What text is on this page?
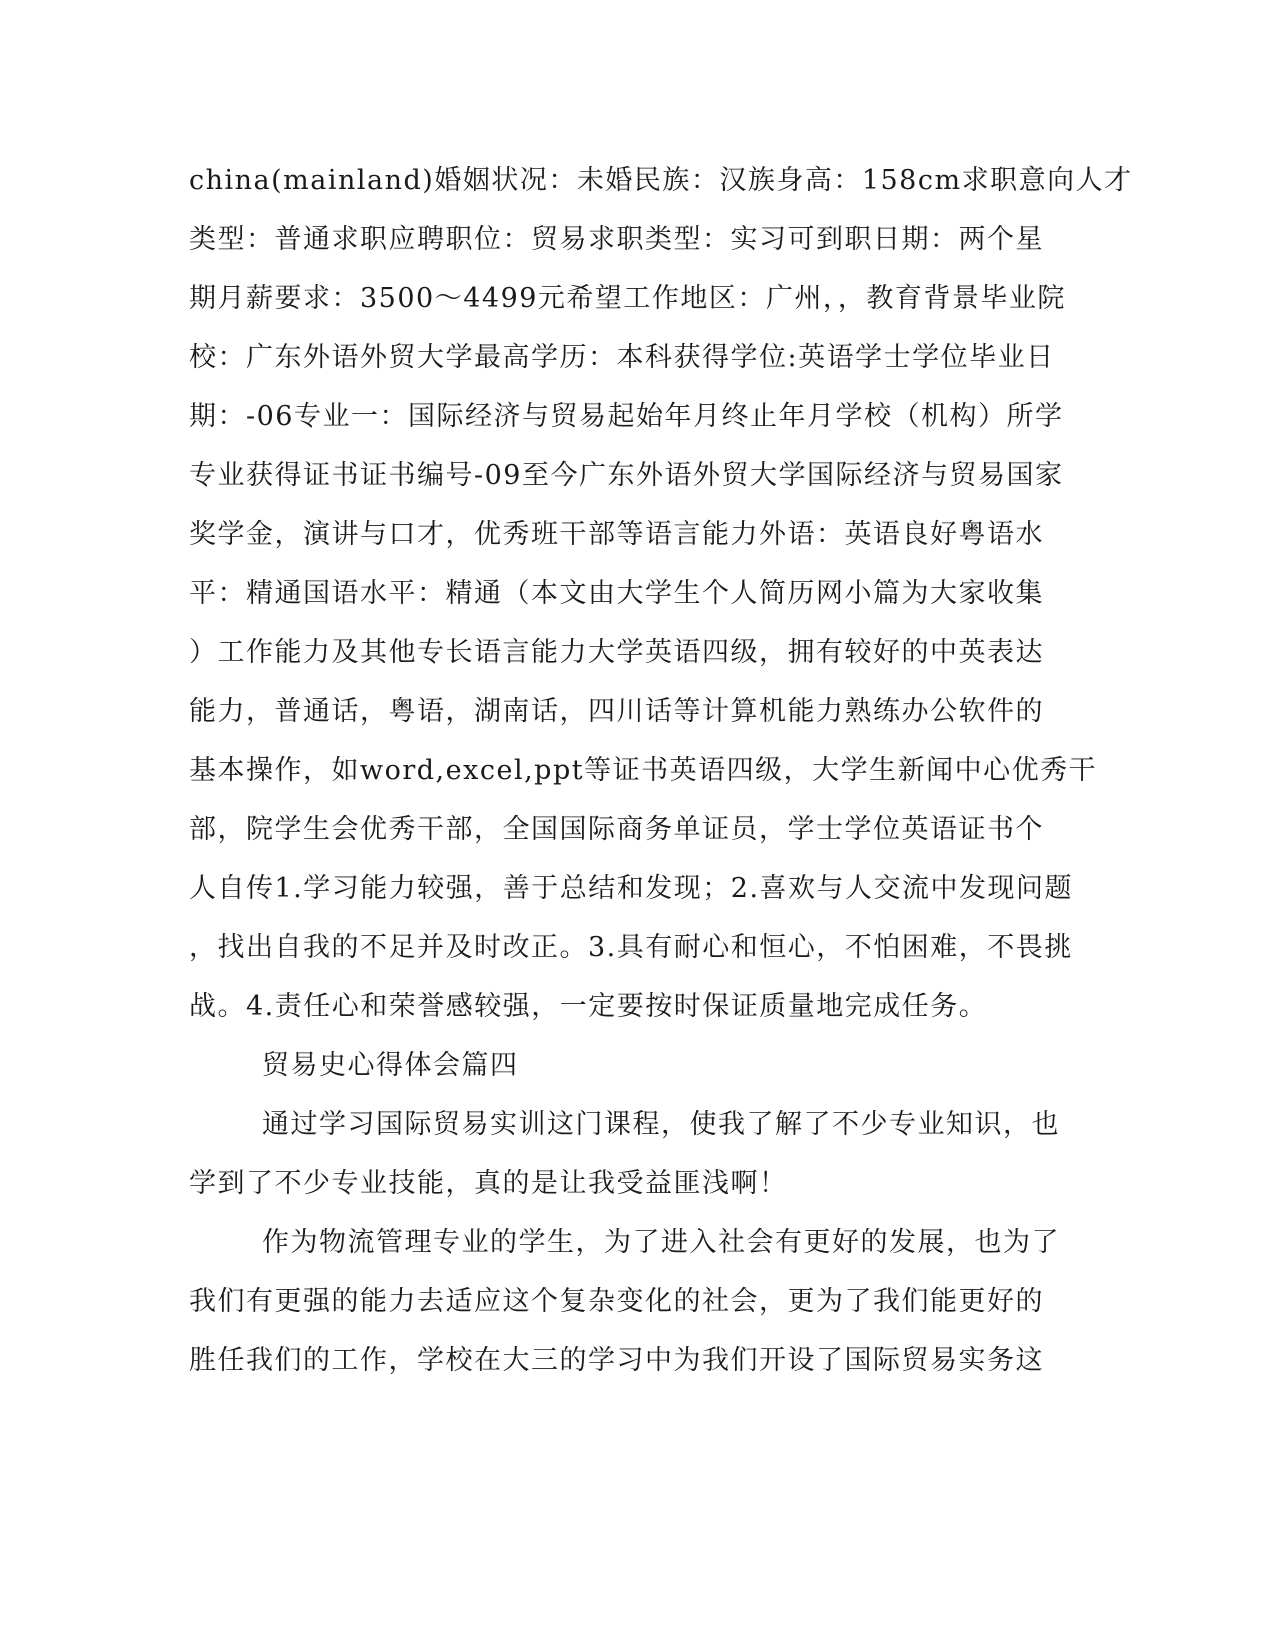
china(mainland)婚姻状况：未婚民族：汉族身高：158cm求职意向人才
类型：普通求职应聘职位：贸易求职类型：实习可到职日期：两个星
期月薪要求：3500～4499元希望工作地区：广州，，教育背景毕业院
校：广东外语外贸大学最高学历：本科获得学位:英语学士学位毕业日
期：-06专业一：国际经济与贸易起始年月终止年月学校（机构）所学
专业获得证书证书编号-09至今广东外语外贸大学国际经济与贸易国家
奖学金，演讲与口才，优秀班干部等语言能力外语：英语良好粤语水
平：精通国语水平：精通（本文由大学生个人简历网小篇为大家收集
）工作能力及其他专长语言能力大学英语四级，拥有较好的中英表达
能力，普通话，粤语，湖南话，四川话等计算机能力熟练办公软件的
基本操作，如word,excel,ppt等证书英语四级，大学生新闻中心优秀干
部，院学生会优秀干部，全国国际商务单证员，学士学位英语证书个
人自传1.学习能力较强，善于总结和发现；2.喜欢与人交流中发现问题
，找出自我的不足并及时改正。3.具有耐心和恒心，不怕困难，不畏挑
战。4.责任心和荣誉感较强，一定要按时保证质量地完成任务。
贸易史心得体会篇四
通过学习国际贸易实训这门课程，使我了解了不少专业知识，也
学到了不少专业技能，真的是让我受益匪浅啊！
作为物流管理专业的学生，为了进入社会有更好的发展，也为了
我们有更强的能力去适应这个复杂变化的社会，更为了我们能更好的
胜任我们的工作，学校在大三的学习中为我们开设了国际贸易实务这
